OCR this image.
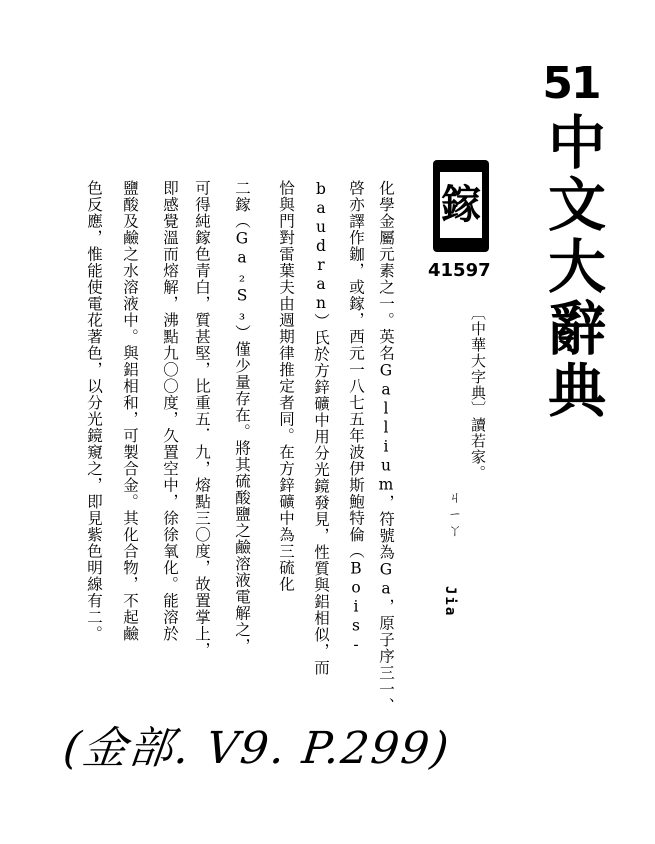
51
中文大辭典
鎵
41597
〔中華大字典〕讀若家。
ㄐㄧㄚ
Jia
化學金屬元素之一。英名Gallium，符號為Ga，原子序三一、
啓亦譯作鉫，或鎵，西元一八七五年波伊斯鮑特倫（Bois-
baudran）氏於方鋅礦中用分光鏡發見，性質與鋁相似，而
恰與門對雷葉夫由週期律推定者同。在方鋅礦中為三硫化
二鎵（Ga₂S₃）僅少量存在。將其硫酸鹽之鹼溶液電解之，
可得純鎵色青白，質甚堅，比重五．九，熔點三〇度，故置掌上，
即感覺溫而熔解，沸點九〇〇度，久置空中，徐徐氧化。能溶於
鹽酸及鹼之水溶液中。與鋁相和，可製合金。其化合物，不起鹼
色反應，惟能使電花著色，以分光鏡窺之，即見紫色明線有二。
(金部. V9. P.299)
